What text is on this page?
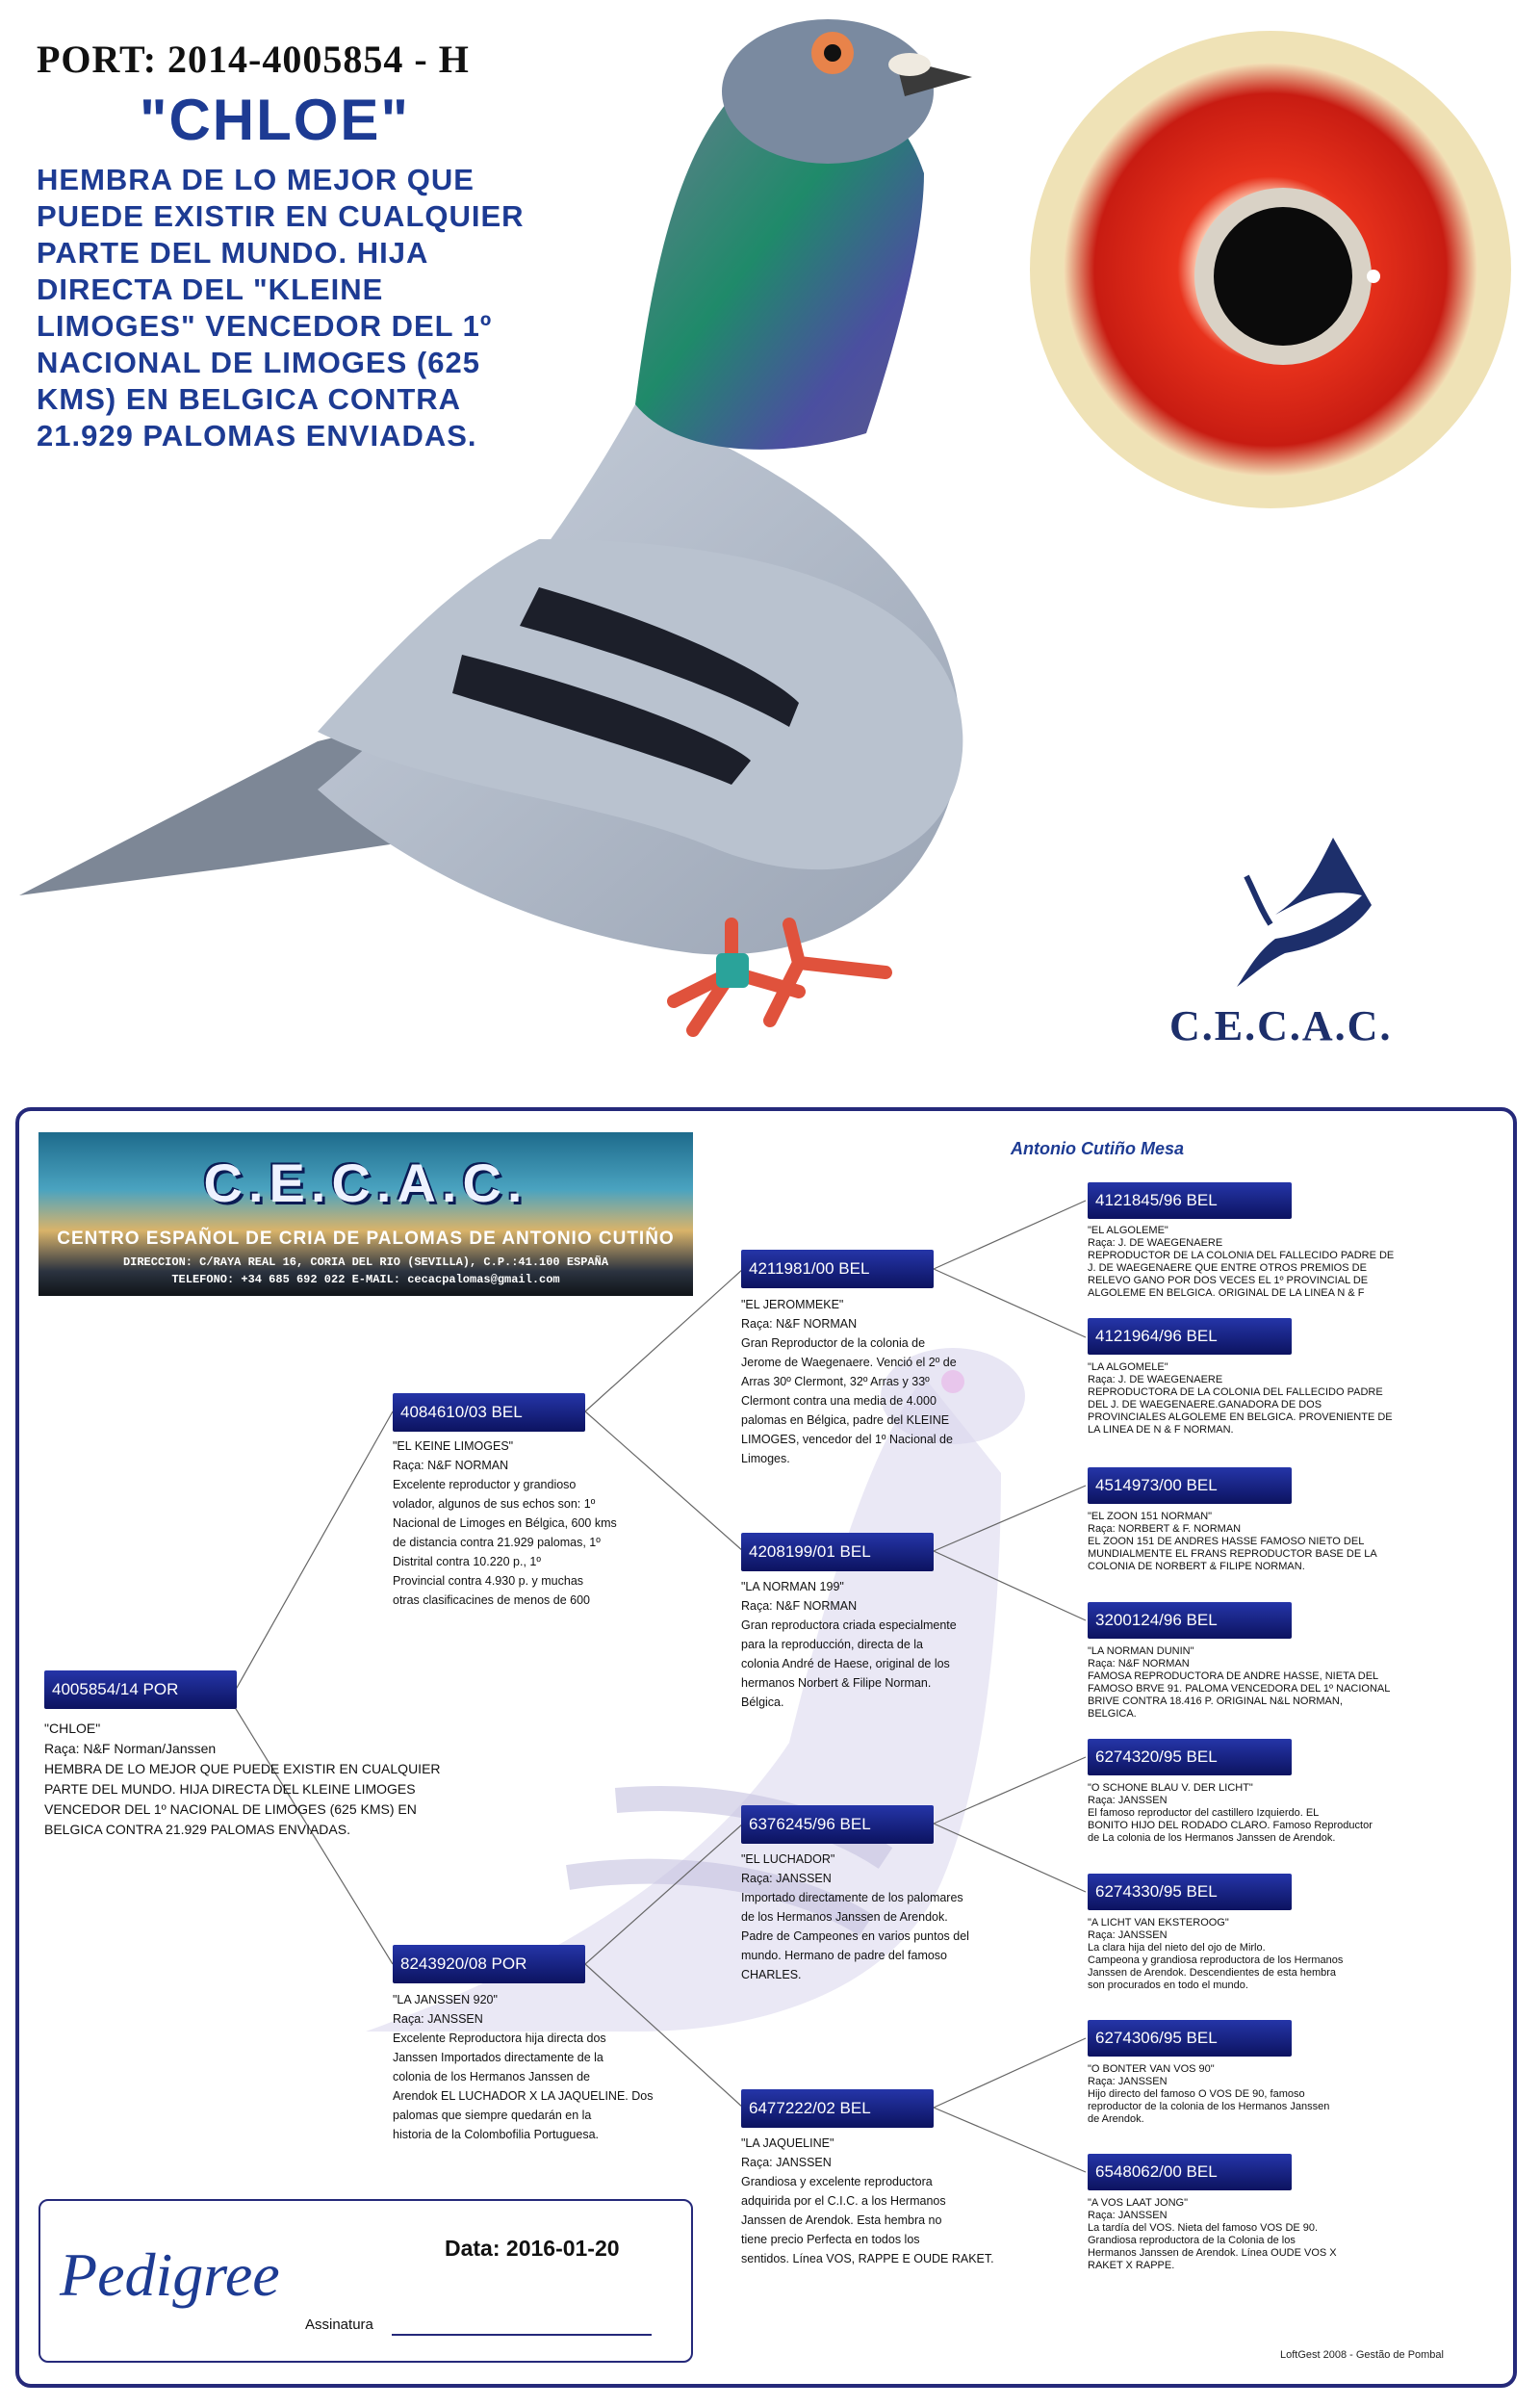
PORT: 2014-4005854 - H
"CHLOE"
HEMBRA DE LO MEJOR QUE
PUEDE EXISTIR EN CUALQUIER
PARTE DEL MUNDO. HIJA
DIRECTA DEL "KLEINE
LIMOGES" VENCEDOR DEL 1º
NACIONAL DE LIMOGES (625
KMS) EN BELGICA CONTRA
21.929 PALOMAS ENVIADAS.
C.E.C.A.C.
C.E.C.A.C.
CENTRO ESPAÑOL DE CRIA DE PALOMAS DE ANTONIO CUTIÑO
DIRECCION: C/RAYA REAL 16, CORIA DEL RIO (SEVILLA), C.P.:41.100 ESPAÑA
TELEFONO: +34 685 692 022 E-MAIL: cecacpalomas@gmail.com
Antonio Cutiño Mesa
4005854/14 POR

"CHLOE"

Raça: N&F Norman/Janssen

HEMBRA DE LO MEJOR QUE PUEDE EXISTIR EN CUALQUIER

PARTE DEL MUNDO. HIJA DIRECTA DEL KLEINE LIMOGES

VENCEDOR DEL 1º NACIONAL DE LIMOGES (625 KMS) EN

BELGICA CONTRA 21.929 PALOMAS ENVIADAS.

4084610/03 BEL

"EL KEINE LIMOGES"

Raça: N&F NORMAN

Excelente reproductor y grandioso

volador, algunos de sus echos son: 1º

Nacional de Limoges en Bélgica, 600 kms

de distancia contra 21.929 palomas, 1º

Distrital contra 10.220 p., 1º

Provincial contra 4.930 p. y muchas

otras clasificacines de menos de 600

8243920/08 POR

"LA JANSSEN 920"

Raça: JANSSEN

Excelente Reproductora hija directa dos

Janssen Importados directamente de la

colonia de los Hermanos Janssen de

Arendok EL LUCHADOR X LA JAQUELINE. Dos

palomas que siempre quedarán en la

historia de la Colombofilia Portuguesa.

4211981/00 BEL

"EL JEROMMEKE"

Raça: N&F NORMAN

Gran Reproductor de la colonia de

Jerome de Waegenaere. Venció el 2º de

Arras 30º Clermont, 32º Arras y 33º

Clermont contra una media de 4.000

palomas en Bélgica, padre del KLEINE

LIMOGES, vencedor del 1º Nacional de

Limoges.

4208199/01 BEL

"LA NORMAN 199"

Raça: N&F NORMAN

Gran reproductora criada especialmente

para la reproducción, directa de la

colonia André de Haese, original de los

hermanos Norbert & Filipe Norman.

Bélgica.

6376245/96 BEL

"EL LUCHADOR"

Raça: JANSSEN

Importado directamente de los palomares

de los Hermanos Janssen de Arendok.

Padre de Campeones en varios puntos del

mundo. Hermano de padre del famoso

CHARLES.

6477222/02 BEL

"LA JAQUELINE"

Raça: JANSSEN

Grandiosa y excelente reproductora

adquirida por el C.I.C. a los Hermanos

Janssen de Arendok. Esta hembra no

tiene precio Perfecta en todos los

sentidos. Línea VOS, RAPPE E OUDE RAKET.

4121845/96 BEL

"EL ALGOLEME"

Raça: J. DE WAEGENAERE

REPRODUCTOR DE LA COLONIA DEL FALLECIDO PADRE DE

J. DE WAEGENAERE QUE ENTRE OTROS PREMIOS DE

RELEVO GANO POR DOS VECES EL 1º PROVINCIAL DE

ALGOLEME EN BELGICA. ORIGINAL DE LA LINEA N & F

4121964/96 BEL

"LA ALGOMELE"

Raça: J. DE WAEGENAERE

REPRODUCTORA DE LA COLONIA DEL FALLECIDO PADRE

DEL J. DE WAEGENAERE.GANADORA DE DOS

PROVINCIALES ALGOLEME EN BELGICA. PROVENIENTE DE

LA LINEA DE N & F NORMAN.

4514973/00 BEL

"EL ZOON 151 NORMAN"

Raça: NORBERT & F. NORMAN

EL ZOON 151 DE ANDRES HASSE FAMOSO NIETO DEL

MUNDIALMENTE EL FRANS REPRODUCTOR BASE DE LA

COLONIA DE NORBERT & FILIPE NORMAN.

3200124/96 BEL

"LA NORMAN DUNIN"

Raça: N&F NORMAN

FAMOSA REPRODUCTORA DE ANDRE HASSE, NIETA DEL

FAMOSO BRVE 91. PALOMA VENCEDORA DEL 1º NACIONAL

BRIVE CONTRA 18.416 P. ORIGINAL N&L NORMAN,

BELGICA.

6274320/95 BEL

"O SCHONE BLAU V. DER LICHT"

Raça: JANSSEN

El famoso reproductor del castillero Izquierdo. EL

BONITO HIJO DEL RODADO CLARO. Famoso Reproductor

de La colonia de los Hermanos Janssen de Arendok.

6274330/95 BEL

"A LICHT VAN EKSTEROOG"

Raça: JANSSEN

La clara hija del nieto del ojo de Mirlo.

Campeona y grandiosa reproductora de los Hermanos

Janssen de Arendok. Descendientes de esta hembra

son procurados en todo el mundo.

6274306/95 BEL

"O BONTER VAN VOS 90"

Raça: JANSSEN

Hijo directo del famoso O VOS DE 90, famoso

reproductor de la colonia de los Hermanos Janssen

de Arendok.

6548062/00 BEL

"A VOS LAAT JONG"

Raça: JANSSEN

La tardía del VOS. Nieta del famoso VOS DE 90.

Grandiosa reproductora de la Colonia de los

Hermanos Janssen de Arendok. Línea OUDE VOS X

RAKET X RAPPE.

Pedigree	Data: 2016-01-20
Assinatura
LoftGest 2008 - Gestão de Pombal
